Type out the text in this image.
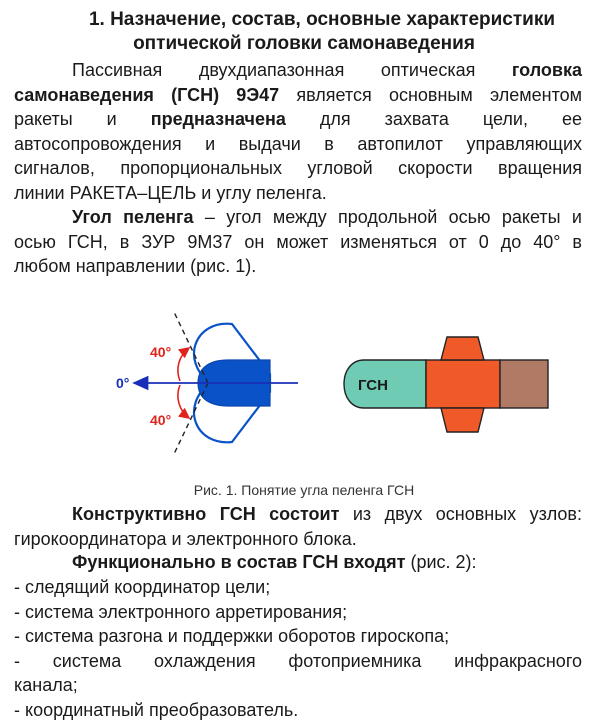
1. Назначение, состав, основные характеристики
оптической головки самонаведения
Пассивная двухдиапазонная оптическая головка
самонаведения (ГСН) 9Э47 является основным элементом
ракеты и предназначена для захвата цели, ее
автосопровождения и выдачи в автопилот управляющих
сигналов, пропорциональных угловой скорости вращения
линии РАКЕТА–ЦЕЛЬ и углу пеленга.
Угол пеленга – угол между продольной осью ракеты и
осью ГСН, в ЗУР 9М37 он может изменяться от 0 до 40° в
любом направлении (рис. 1).
40°
40°
0°	ГСН
Рис. 1. Понятие угла пеленга ГСН
Конструктивно ГСН состоит из двух основных узлов:
гирокоординатора и электронного блока.
Функционально в состав ГСН входят (рис. 2):
- следящий координатор цели;
- система электронного арретирования;
- система разгона и поддержки оборотов гироскопа;
- система охлаждения фотоприемника инфракрасного
канала;
- координатный преобразователь.
